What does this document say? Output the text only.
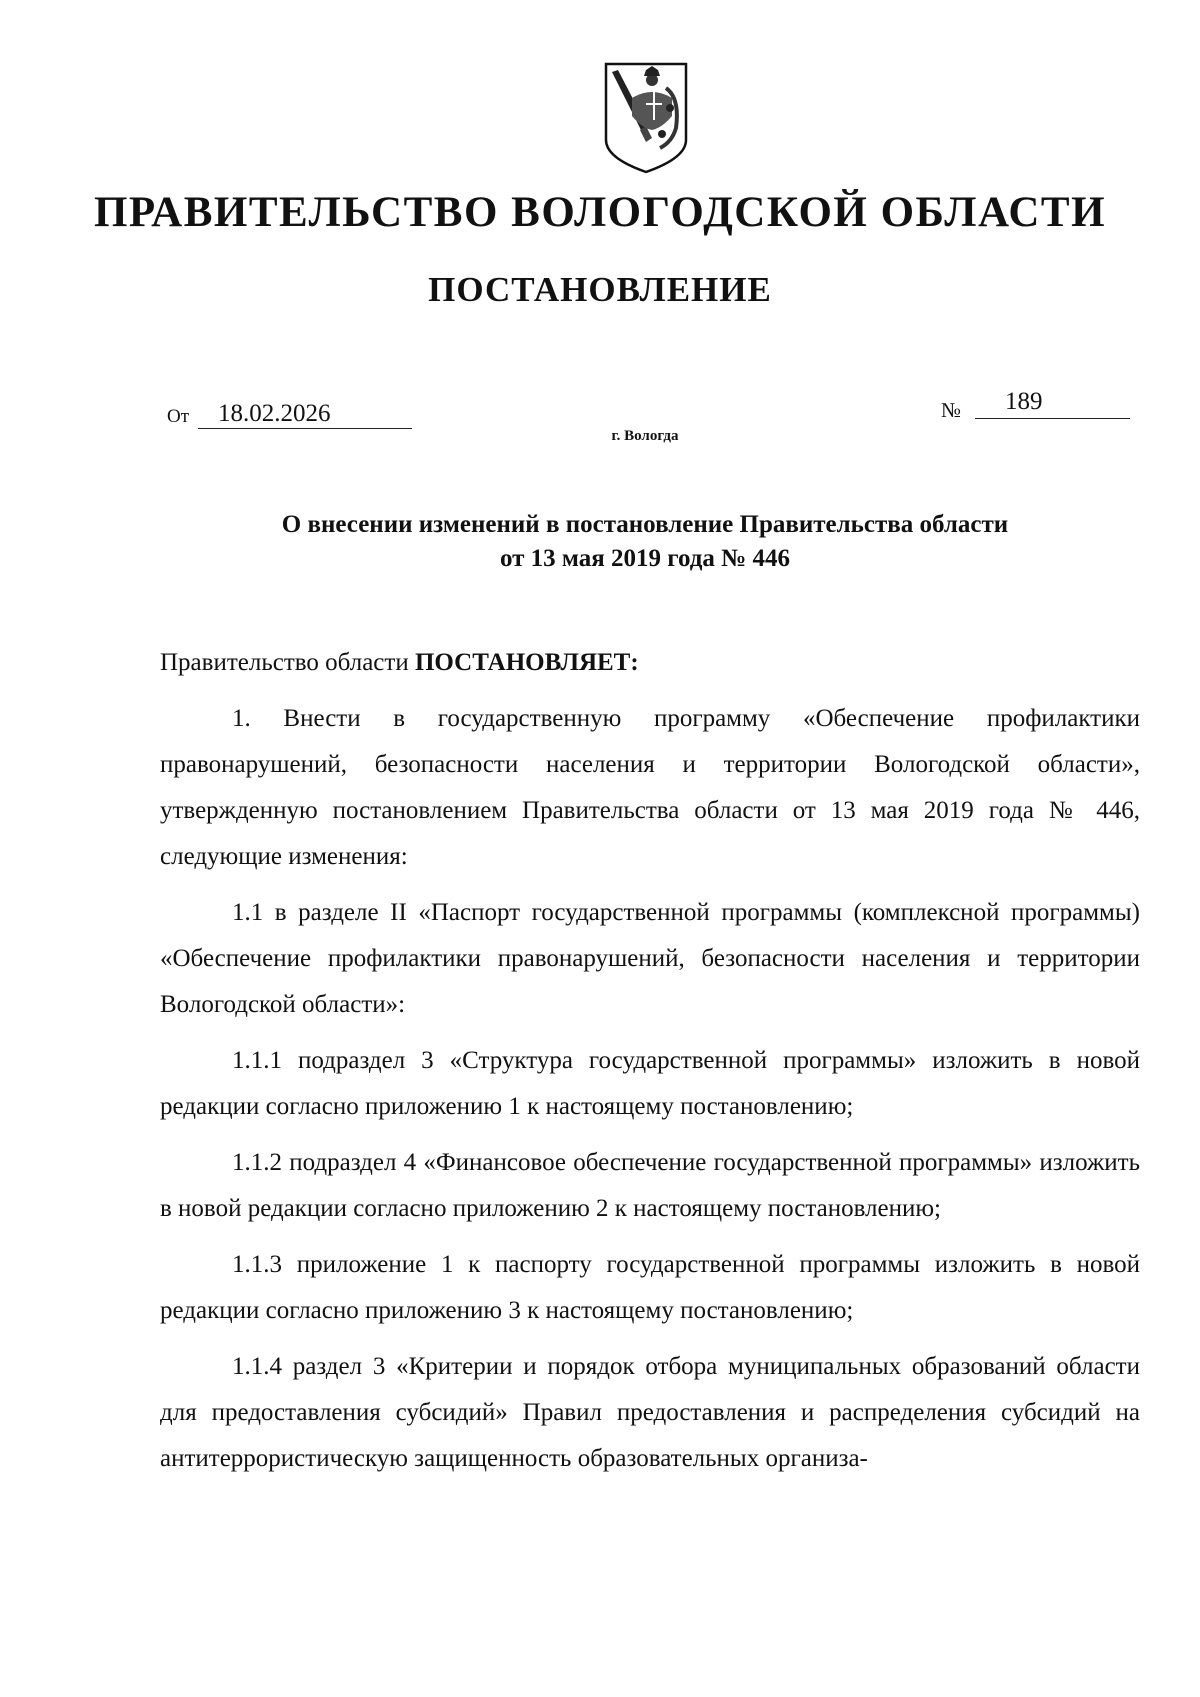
ПРАВИТЕЛЬСТВО ВОЛОГОДСКОЙ ОБЛАСТИ
ПОСТАНОВЛЕНИЕ
От 18.02.2026	№ 189
г. Вологда
О внесении изменений в постановление Правительства области
от 13 мая 2019 года № 446

Правительство области ПОСТАНОВЛЯЕТ:

1. Внести в государственную программу «Обеспечение профилактики правонарушений, безопасности населения и территории Вологодской области», утвержденную постановлением Правительства области от 13 мая 2019 года № 446, следующие изменения:

1.1 в разделе II «Паспорт государственной программы (комплексной программы) «Обеспечение профилактики правонарушений, безопасности населения и территории Вологодской области»:

1.1.1 подраздел 3 «Структура государственной программы» изложить в новой редакции согласно приложению 1 к настоящему постановлению;

1.1.2 подраздел 4 «Финансовое обеспечение государственной программы» изложить в новой редакции согласно приложению 2 к настоящему постановлению;

1.1.3 приложение 1 к паспорту государственной программы изложить в новой редакции согласно приложению 3 к настоящему постановлению;

1.1.4 раздел 3 «Критерии и порядок отбора муниципальных образований области для предоставления субсидий» Правил предоставления и распределения субсидий на антитеррористическую защищенность образовательных организа-
